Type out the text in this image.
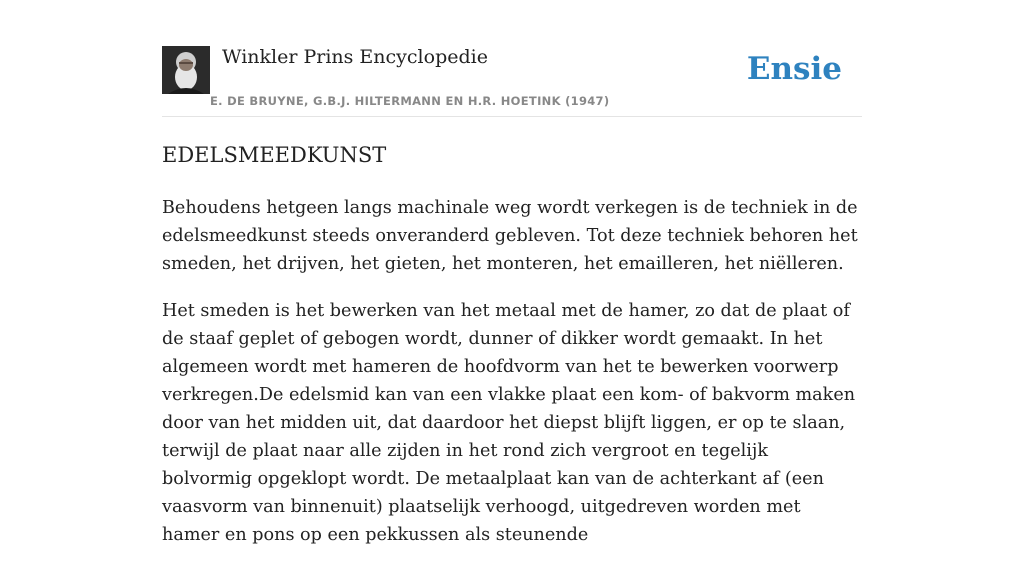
Winkler Prins Encyclopedie
E. DE BRUYNE, G.B.J. HILTERMANN EN H.R. HOETINK (1947)
Ensie
EDELSMEEDKUNST

Behoudens hetgeen langs machinale weg wordt verkegen is de techniek in de edelsmeedkunst steeds onveranderd gebleven. Tot deze techniek behoren het smeden, het drijven, het gieten, het monteren, het emailleren, het niëlleren.

Het smeden is het bewerken van het metaal met de hamer, zo dat de plaat of de staaf geplet of gebogen wordt, dunner of dikker wordt gemaakt. In het algemeen wordt met hameren de hoofdvorm van het te bewerken voorwerp verkregen.De edelsmid kan van een vlakke plaat een kom- of bakvorm maken door van het midden uit, dat daardoor het diepst blijft liggen, er op te slaan, terwijl de plaat naar alle zijden in het rond zich vergroot en tegelijk bolvormig opgeklopt wordt. De metaalplaat kan van de achterkant af (een vaasvorm van binnenuit) plaatselijk verhoogd, uitgedreven worden met hamer en pons op een pekkussen als steunende
